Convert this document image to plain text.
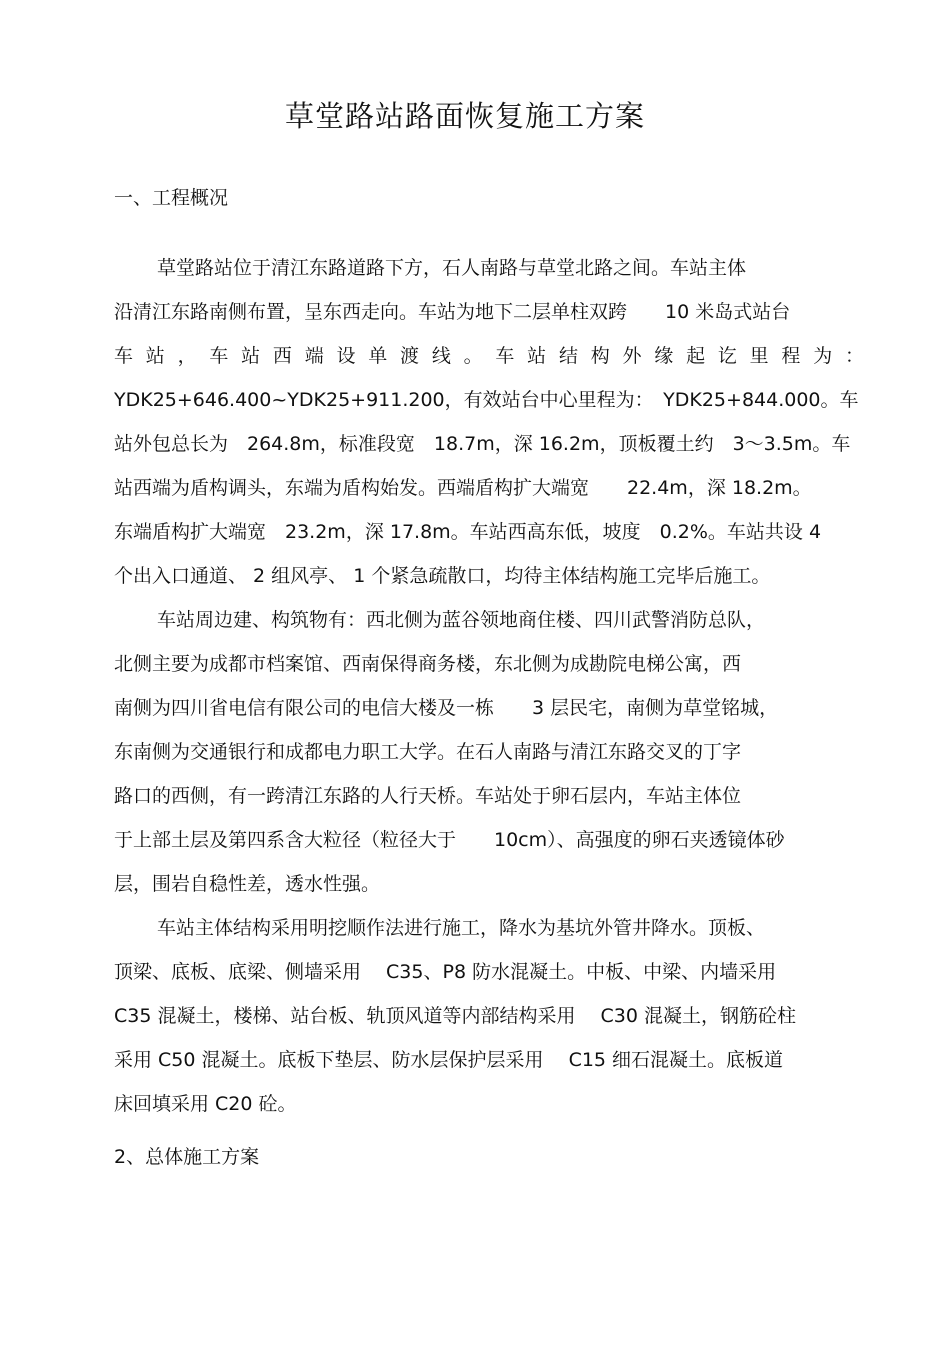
草堂路站路面恢复施工方案
一、工程概况
草堂路站位于清江东路道路下方，石人南路与草堂北路之间。车站主体
沿清江东路南侧布置，呈东西走向。车站为地下二层单柱双跨　　10 米岛式站台
车 站 ， 车 站 西 端 设 单 渡 线 。 车 站 结 构 外 缘 起 讫 里 程 为 ：
YDK25+646.400~YDK25+911.200，有效站台中心里程为：　YDK25+844.000。车
站外包总长为　264.8m，标准段宽　18.7m，深 16.2m，顶板覆土约　3～3.5m。车
站西端为盾构调头，东端为盾构始发。西端盾构扩大端宽　　22.4m，深 18.2m。
东端盾构扩大端宽　23.2m，深 17.8m。车站西高东低，坡度　0.2%。车站共设 4
个出入口通道、 2 组风亭、 1 个紧急疏散口，均待主体结构施工完毕后施工。
车站周边建、构筑物有：西北侧为蓝谷领地商住楼、四川武警消防总队，
北侧主要为成都市档案馆、西南保得商务楼，东北侧为成勘院电梯公寓，西
南侧为四川省电信有限公司的电信大楼及一栋　　3 层民宅，南侧为草堂铭城，
东南侧为交通银行和成都电力职工大学。在石人南路与清江东路交叉的丁字
路口的西侧，有一跨清江东路的人行天桥。车站处于卵石层内，车站主体位
于上部土层及第四系含大粒径（粒径大于　　10cm）、高强度的卵石夹透镜体砂
层，围岩自稳性差，透水性强。
车站主体结构采用明挖顺作法进行施工，降水为基坑外管井降水。顶板、
顶梁、底板、底梁、侧墙采用　 C35、P8 防水混凝土。中板、中梁、内墙采用
C35 混凝土，楼梯、站台板、轨顶风道等内部结构采用　 C30 混凝土，钢筋砼柱
采用 C50 混凝土。底板下垫层、防水层保护层采用　 C15 细石混凝土。底板道
床回填采用 C20 砼。
2、总体施工方案
